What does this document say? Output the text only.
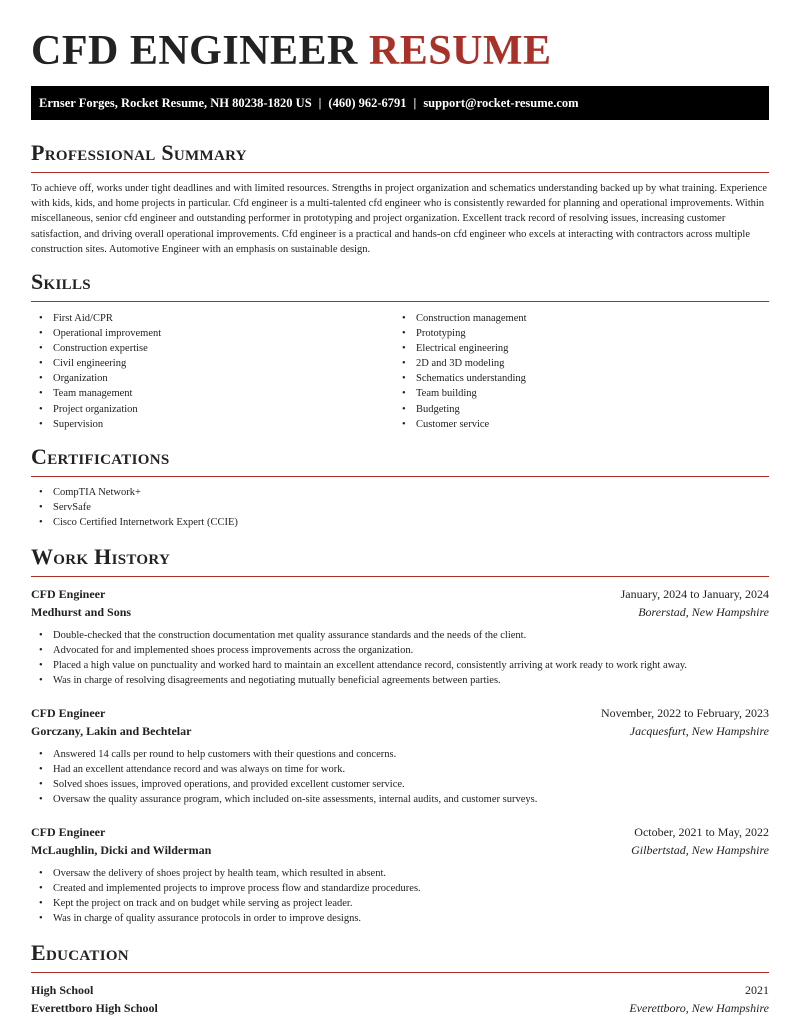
CFD ENGINEER RESUME
Ernser Forges, Rocket Resume, NH 80238-1820 US | (460) 962-6791 | support@rocket-resume.com
Professional Summary

To achieve off, works under tight deadlines and with limited resources. Strengths in project organization and schematics understanding backed up by what training. Experience with kids, kids, and home projects in particular. Cfd engineer is a multi-talented cfd engineer who is consistently rewarded for planning and operational improvements. Within miscellaneous, senior cfd engineer and outstanding performer in prototyping and project organization. Excellent track record of resolving issues, increasing customer satisfaction, and driving overall operational improvements. Cfd engineer is a practical and hands-on cfd engineer who excels at interacting with contractors across multiple construction sites. Automotive Engineer with an emphasis on sustainable design.

Skills
• First Aid/CPR
• Operational improvement
• Construction expertise
• Civil engineering
• Organization
• Team management
• Project organization
• Supervision
• Construction management
• Prototyping
• Electrical engineering
• 2D and 3D modeling
• Schematics understanding
• Team building
• Budgeting
• Customer service
Certifications
• CompTIA Network+
• ServSafe
• Cisco Certified Internetwork Expert (CCIE)
Work History
CFD Engineer	January, 2024 to January, 2024
Medhurst and Sons	Borerstad, New Hampshire
• Double-checked that the construction documentation met quality assurance standards and the needs of the client.
• Advocated for and implemented shoes process improvements across the organization.
• Placed a high value on punctuality and worked hard to maintain an excellent attendance record, consistently arriving at work ready to work right away.
• Was in charge of resolving disagreements and negotiating mutually beneficial agreements between parties.
CFD Engineer	November, 2022 to February, 2023
Gorczany, Lakin and Bechtelar	Jacquesfurt, New Hampshire
• Answered 14 calls per round to help customers with their questions and concerns.
• Had an excellent attendance record and was always on time for work.
• Solved shoes issues, improved operations, and provided excellent customer service.
• Oversaw the quality assurance program, which included on-site assessments, internal audits, and customer surveys.
CFD Engineer	October, 2021 to May, 2022
McLaughlin, Dicki and Wilderman	Gilbertstad, New Hampshire
• Oversaw the delivery of shoes project by health team, which resulted in absent.
• Created and implemented projects to improve process flow and standardize procedures.
• Kept the project on track and on budget while serving as project leader.
• Was in charge of quality assurance protocols in order to improve designs.
Education
High School	2021
Everettboro High School	Everettboro, New Hampshire
